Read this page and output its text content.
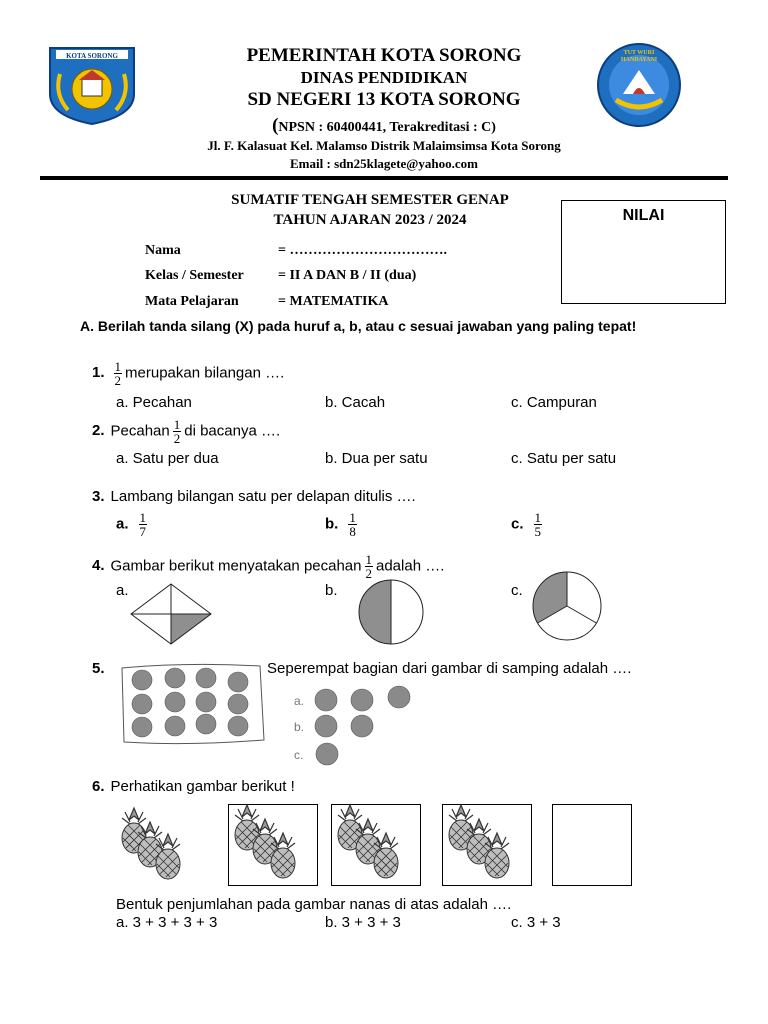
KOTA SORONG	TUT WURI HANDAYANI
PEMERINTAH KOTA SORONG
DINAS PENDIDIKAN
SD NEGERI 13 KOTA SORONG
(NPSN : 60400441, Terakreditasi : C)
Jl. F. Kalasuat Kel. Malamso Distrik Malaimsimsa Kota Sorong
Email : sdn25klagete@yahoo.com
SUMATIF TENGAH SEMESTER GENAP
TAHUN AJARAN 2023 / 2024	NILAI
Nama	= …………………………….
Kelas / Semester = II A DAN B / II (dua)
Mata Pelajaran	= MATEMATIKA
A. Berilah tanda silang (X) pada huruf a, b, atau c sesuai jawaban yang paling tepat!
1. $\frac{1}{2}$ merupakan bilangan ….
a. Pecahan	b. Cacah	c. Campuran
2. Pecahan $\frac{1}{2}$ di bacanya ….
a. Satu per dua	b. Dua per satu	c. Satu per satu
3. Lambang bilangan satu per delapan ditulis ….
a. $\frac{1}{7}$	b. $\frac{1}{8}$	c. $\frac{1}{5}$
4. Gambar berikut menyatakan pecahan $\frac{1}{2}$ adalah ….
a.	b.	c.
5.	Seperempat bagian dari gambar di samping adalah ….
a.
b.
c.
6. Perhatikan gambar berikut !
Bentuk penjumlahan pada gambar nanas di atas adalah ….
a. 3 + 3 + 3 + 3	b. 3 + 3 + 3	c. 3 + 3
